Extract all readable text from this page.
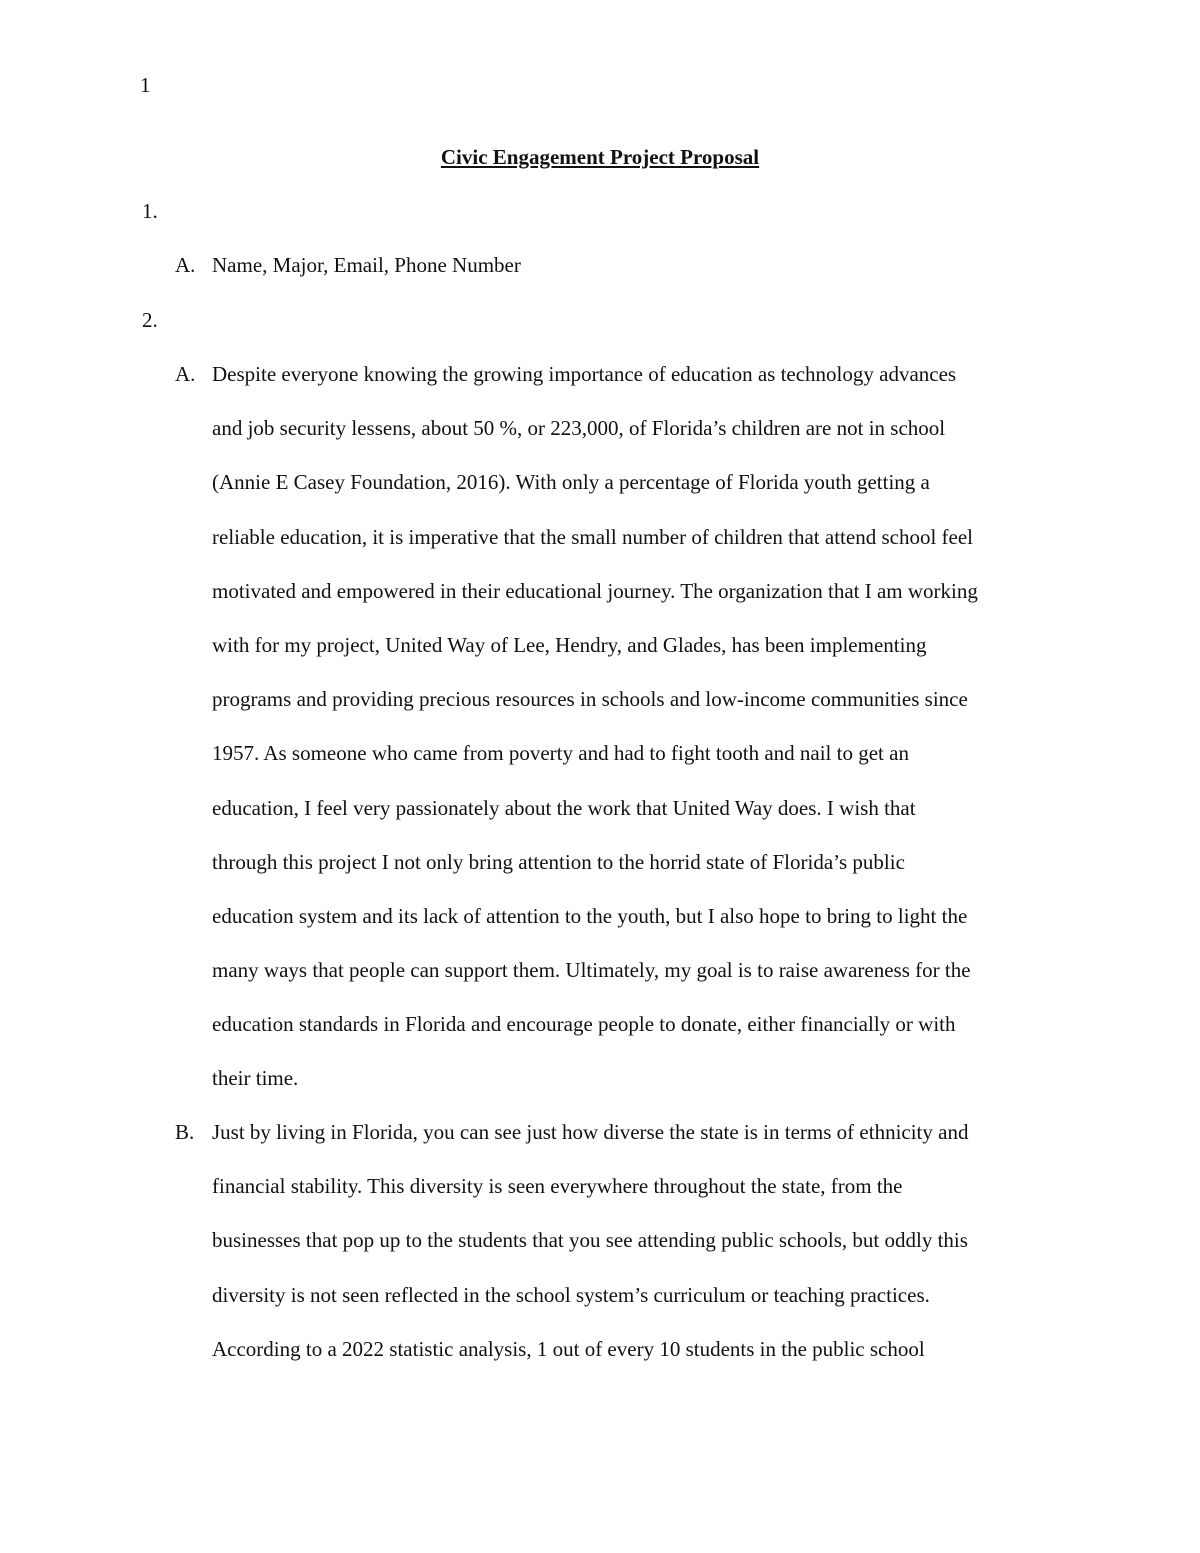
1
Civic Engagement Project Proposal
1.
A. Name, Major, Email, Phone Number
2.
A. Despite everyone knowing the growing importance of education as technology advances
and job security lessens, about 50 %, or 223,000, of Florida’s children are not in school
(Annie E Casey Foundation, 2016). With only a percentage of Florida youth getting a
reliable education, it is imperative that the small number of children that attend school feel
motivated and empowered in their educational journey. The organization that I am working
with for my project, United Way of Lee, Hendry, and Glades, has been implementing
programs and providing precious resources in schools and low-income communities since
1957. As someone who came from poverty and had to fight tooth and nail to get an
education, I feel very passionately about the work that United Way does. I wish that
through this project I not only bring attention to the horrid state of Florida’s public
education system and its lack of attention to the youth, but I also hope to bring to light the
many ways that people can support them. Ultimately, my goal is to raise awareness for the
education standards in Florida and encourage people to donate, either financially or with
their time.
B. Just by living in Florida, you can see just how diverse the state is in terms of ethnicity and
financial stability. This diversity is seen everywhere throughout the state, from the
businesses that pop up to the students that you see attending public schools, but oddly this
diversity is not seen reflected in the school system’s curriculum or teaching practices.
According to a 2022 statistic analysis, 1 out of every 10 students in the public school
